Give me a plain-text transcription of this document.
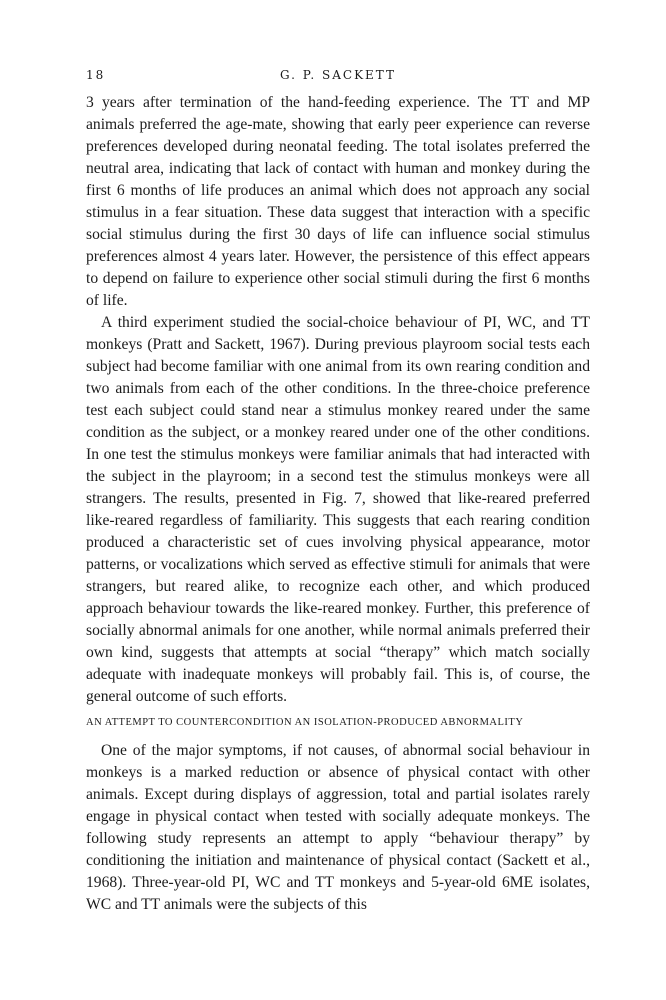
18	G. P. SACKETT

3 years after termination of the hand-feeding experience. The TT and MP animals preferred the age-mate, showing that early peer experience can reverse preferences developed during neonatal feeding. The total isolates preferred the neutral area, indicating that lack of contact with human and monkey during the first 6 months of life produces an animal which does not approach any social stimulus in a fear situation. These data suggest that interaction with a specific social stimulus during the first 30 days of life can influence social stimulus preferences almost 4 years later. However, the persistence of this effect appears to depend on failure to experience other social stimuli during the first 6 months of life.

A third experiment studied the social-choice behaviour of PI, WC, and TT monkeys (Pratt and Sackett, 1967). During previous playroom social tests each subject had become familiar with one animal from its own rearing condition and two animals from each of the other conditions. In the three-choice preference test each subject could stand near a stimulus monkey reared under the same condition as the subject, or a monkey reared under one of the other conditions. In one test the stimulus monkeys were familiar animals that had interacted with the subject in the playroom; in a second test the stimulus monkeys were all strangers. The results, presented in Fig. 7, showed that like-reared preferred like-reared regardless of familiarity. This suggests that each rearing condition produced a characteristic set of cues involving physical appearance, motor patterns, or vocalizations which served as effective stimuli for animals that were strangers, but reared alike, to recognize each other, and which produced approach behaviour towards the like-reared monkey. Further, this preference of socially abnormal animals for one another, while normal animals preferred their own kind, suggests that attempts at social “therapy” which match socially adequate with inadequate monkeys will probably fail. This is, of course, the general outcome of such efforts.

AN ATTEMPT TO COUNTERCONDITION AN ISOLATION-PRODUCED ABNORMALITY

One of the major symptoms, if not causes, of abnormal social behaviour in monkeys is a marked reduction or absence of physical contact with other animals. Except during displays of aggression, total and partial isolates rarely engage in physical contact when tested with socially adequate monkeys. The following study represents an attempt to apply “behaviour therapy” by conditioning the initiation and maintenance of physical contact (Sackett et al., 1968). Three-year-old PI, WC and TT monkeys and 5-year-old 6ME isolates, WC and TT animals were the subjects of this
